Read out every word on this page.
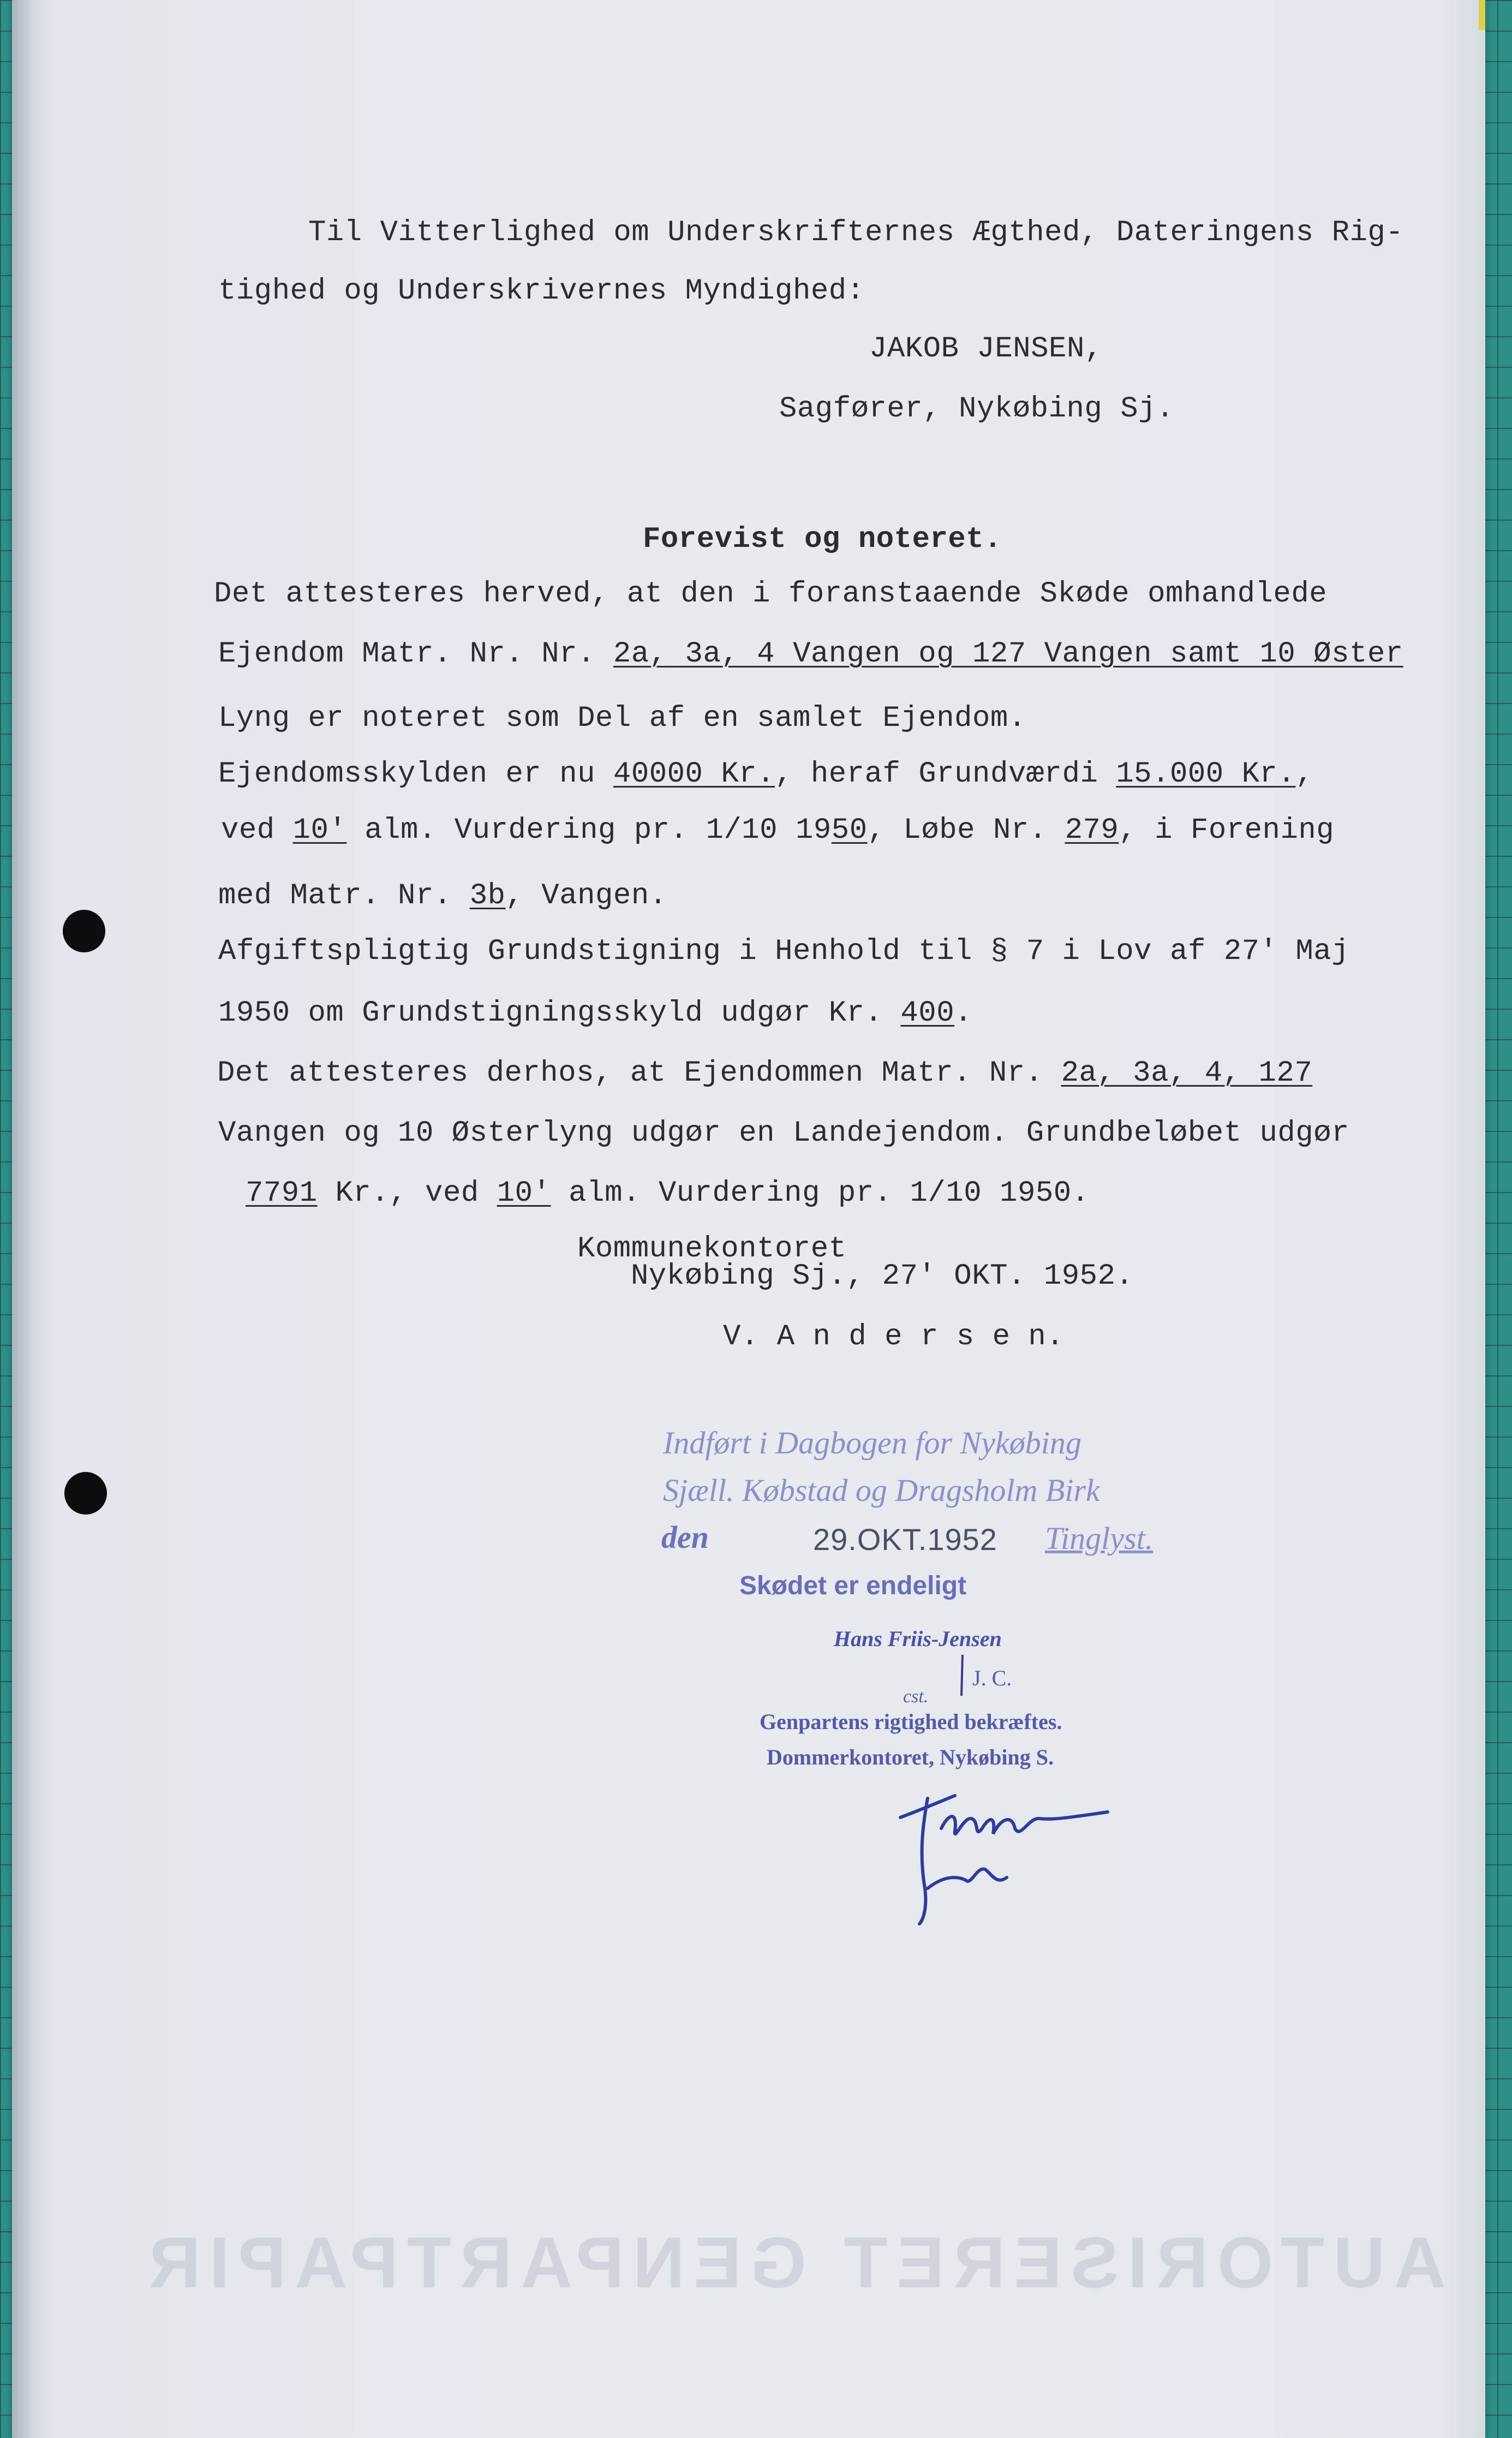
Til Vitterlighed om Underskrifternes Ægthed, Dateringens Rig-
tighed og Underskrivernes Myndighed:
JAKOB JENSEN,
Sagfører, Nykøbing Sj.
Forevist og noteret.
Det attesteres herved, at den i foranstaaende Skøde omhandlede
Ejendom Matr. Nr. Nr. 2a, 3a, 4 Vangen og 127 Vangen samt 10 Øster
Lyng er noteret som Del af en samlet Ejendom.
Ejendomsskylden er nu 40000 Kr., heraf Grundværdi 15.000 Kr.,
ved 10' alm. Vurdering pr. 1/10 1950, Løbe Nr. 279, i Forening
med Matr. Nr. 3b, Vangen.
Afgiftspligtig Grundstigning i Henhold til § 7 i Lov af 27' Maj
1950 om Grundstigningsskyld udgør Kr. 400.
Det attesteres derhos, at Ejendommen Matr. Nr. 2a, 3a, 4, 127
Vangen og 10 Østerlyng udgør en Landejendom. Grundbeløbet udgør
7791 Kr., ved 10' alm. Vurdering pr. 1/10 1950.
Kommunekontoret
Nykøbing Sj., 27' OKT. 1952.
V. A n d e r s e n.
Indført i Dagbogen for Nykøbing
Sjæll. Købstad og Dragsholm Birk
den	29.OKT.1952 Tinglyst.
Skødet er endeligt
Hans Friis-Jensen
cst.
J. C.
Genpartens rigtighed bekræftes.
Dommerkontoret, Nykøbing S.
AUTORISERET GENPARTPAPIR
